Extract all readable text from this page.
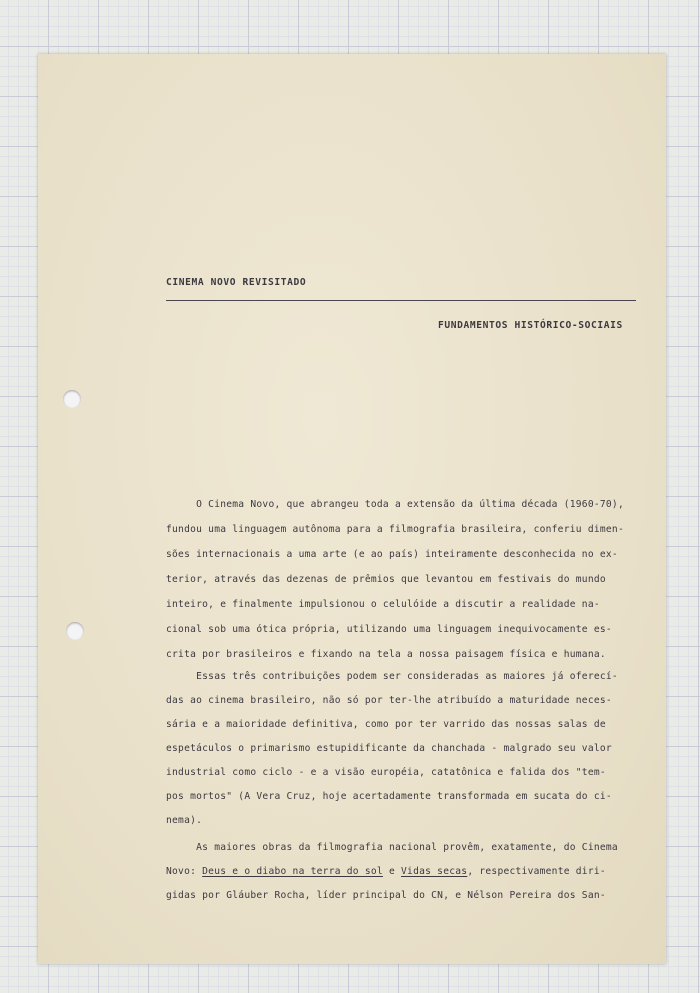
CINEMA NOVO REVISITADO

FUNDAMENTOS HISTÓRICO-SOCIAIS

O Cinema Novo, que abrangeu toda a extensão da última década (1960-70),

fundou uma linguagem autônoma para a filmografia brasileira, conferiu dimen-

sões internacionais a uma arte (e ao país) inteiramente desconhecida no ex-

terior, através das dezenas de prêmios que levantou em festivais do mundo

inteiro, e finalmente impulsionou o celulóide a discutir a realidade na-

cional sob uma ótica própria, utilizando uma linguagem inequivocamente es-

crita por brasileiros e fixando na tela a nossa paisagem física e humana.

Essas três contribuições podem ser consideradas as maiores já oferecí-

das ao cinema brasileiro, não só por ter-lhe atribuído a maturidade neces-

sária e a maioridade definitiva, como por ter varrido das nossas salas de

espetáculos o primarismo estupidificante da chanchada - malgrado seu valor

industrial como ciclo - e a visão européia, catatônica e falida dos "tem-

pos mortos" (A Vera Cruz, hoje acertadamente transformada em sucata do ci-

nema).

As maiores obras da filmografia nacional provêm, exatamente, do Cinema

Novo: Deus e o diabo na terra do sol e Vidas secas, respectivamente diri-

gidas por Gláuber Rocha, líder principal do CN, e Nélson Pereira dos San-
